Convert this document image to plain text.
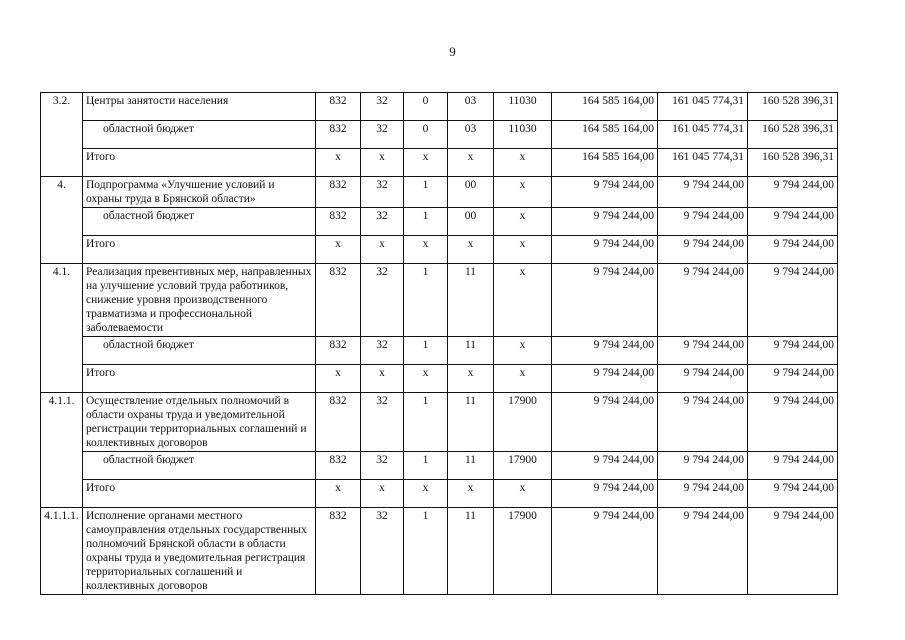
9
3.2.	Центры занятости населения	832	32	0	03	11030	164 585 164,00	161 045 774,31	160 528 396,31
	областной бюджет	832	32	0	03	11030	164 585 164,00	161 045 774,31	160 528 396,31
	Итого	x	x	x	x	x	164 585 164,00	161 045 774,31	160 528 396,31
4.	Подпрограмма «Улучшение условий и охраны труда в Брянской области»	832	32	1	00	x	9 794 244,00	9 794 244,00	9 794 244,00
	областной бюджет	832	32	1	00	x	9 794 244,00	9 794 244,00	9 794 244,00
	Итого	x	x	x	x	x	9 794 244,00	9 794 244,00	9 794 244,00
4.1.	Реализация превентивных мер, направленных на улучшение условий труда работников, снижение уровня производственного травматизма и профессиональной заболеваемости	832	32	1	11	x	9 794 244,00	9 794 244,00	9 794 244,00
	областной бюджет	832	32	1	11	x	9 794 244,00	9 794 244,00	9 794 244,00
	Итого	x	x	x	x	x	9 794 244,00	9 794 244,00	9 794 244,00
4.1.1.	Осуществление отдельных полномочий в области охраны труда и уведомительной регистрации территориальных соглашений и коллективных договоров	832	32	1	11	17900	9 794 244,00	9 794 244,00	9 794 244,00
	областной бюджет	832	32	1	11	17900	9 794 244,00	9 794 244,00	9 794 244,00
	Итого	x	x	x	x	x	9 794 244,00	9 794 244,00	9 794 244,00
4.1.1.1.	Исполнение органами местного самоуправления отдельных государственных полномочий Брянской области в области охраны труда и уведомительная регистрация территориальных соглашений и коллективных договоров	832	32	1	11	17900	9 794 244,00	9 794 244,00	9 794 244,00
